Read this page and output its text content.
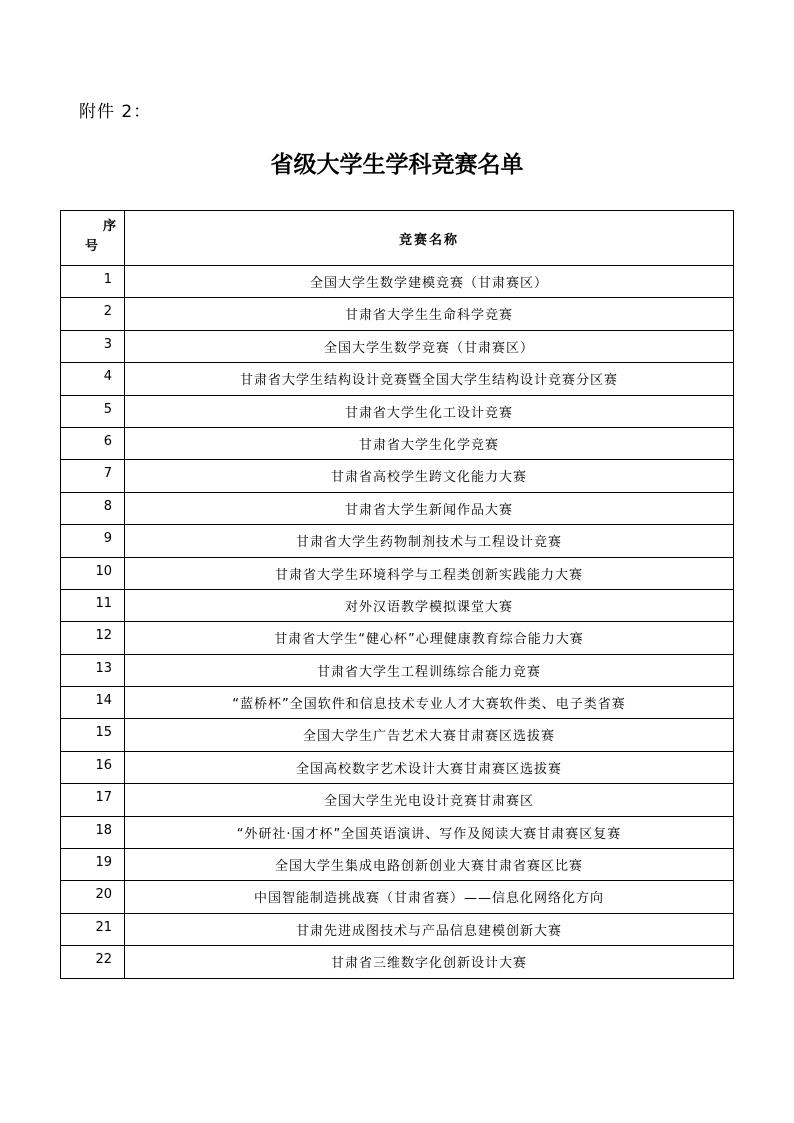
附件 2：
省级大学生学科竞赛名单
序
号	竞赛名称
1	全国大学生数学建模竞赛（甘肃赛区）
2	甘肃省大学生生命科学竞赛
3	全国大学生数学竞赛（甘肃赛区）
4	甘肃省大学生结构设计竞赛暨全国大学生结构设计竞赛分区赛
5	甘肃省大学生化工设计竞赛
6	甘肃省大学生化学竞赛
7	甘肃省高校学生跨文化能力大赛
8	甘肃省大学生新闻作品大赛
9	甘肃省大学生药物制剂技术与工程设计竞赛
10	甘肃省大学生环境科学与工程类创新实践能力大赛
11	对外汉语教学模拟课堂大赛
12	甘肃省大学生“健心杯”心理健康教育综合能力大赛
13	甘肃省大学生工程训练综合能力竞赛
14	“蓝桥杯”全国软件和信息技术专业人才大赛软件类、电子类省赛
15	全国大学生广告艺术大赛甘肃赛区选拔赛
16	全国高校数字艺术设计大赛甘肃赛区选拔赛
17	全国大学生光电设计竞赛甘肃赛区
18	“外研社·国才杯”全国英语演讲、写作及阅读大赛甘肃赛区复赛
19	全国大学生集成电路创新创业大赛甘肃省赛区比赛
20	中国智能制造挑战赛（甘肃省赛）——信息化网络化方向
21	甘肃先进成图技术与产品信息建模创新大赛
22	甘肃省三维数字化创新设计大赛
